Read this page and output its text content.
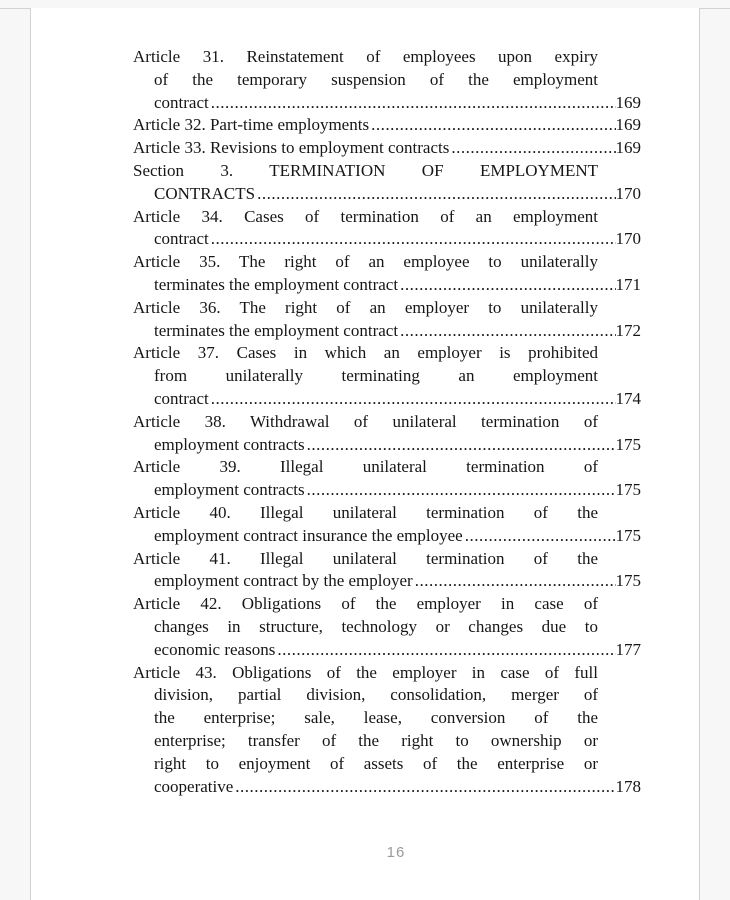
Article 31. Reinstatement of employees upon expiry
of the temporary suspension of the employment
contract .....	169
Article 32. Part-time employments .....	169
Article 33. Revisions to employment contracts .....	169
Section 3. TERMINATION OF EMPLOYMENT
CONTRACTS .....	170
Article 34. Cases of termination of an employment
contract .....	170
Article 35. The right of an employee to unilaterally
terminates the employment contract .....	171
Article 36. The right of an employer to unilaterally
terminates the employment contract .....	172
Article 37. Cases in which an employer is prohibited
from unilaterally terminating an employment
contract .....	174
Article 38. Withdrawal of unilateral termination of
employment contracts .....	175
Article 39. Illegal unilateral termination of
employment contracts .....	175
Article 40. Illegal unilateral termination of the
employment contract insurance the employee .....	175
Article 41. Illegal unilateral termination of the
employment contract by the employer .....	175
Article 42. Obligations of the employer in case of
changes in structure, technology or changes due to
economic reasons .....	177
Article 43. Obligations of the employer in case of full
division, partial division, consolidation, merger of
the enterprise; sale, lease, conversion of the
enterprise; transfer of the right to ownership or
right to enjoyment of assets of the enterprise or
cooperative .....	178
16
